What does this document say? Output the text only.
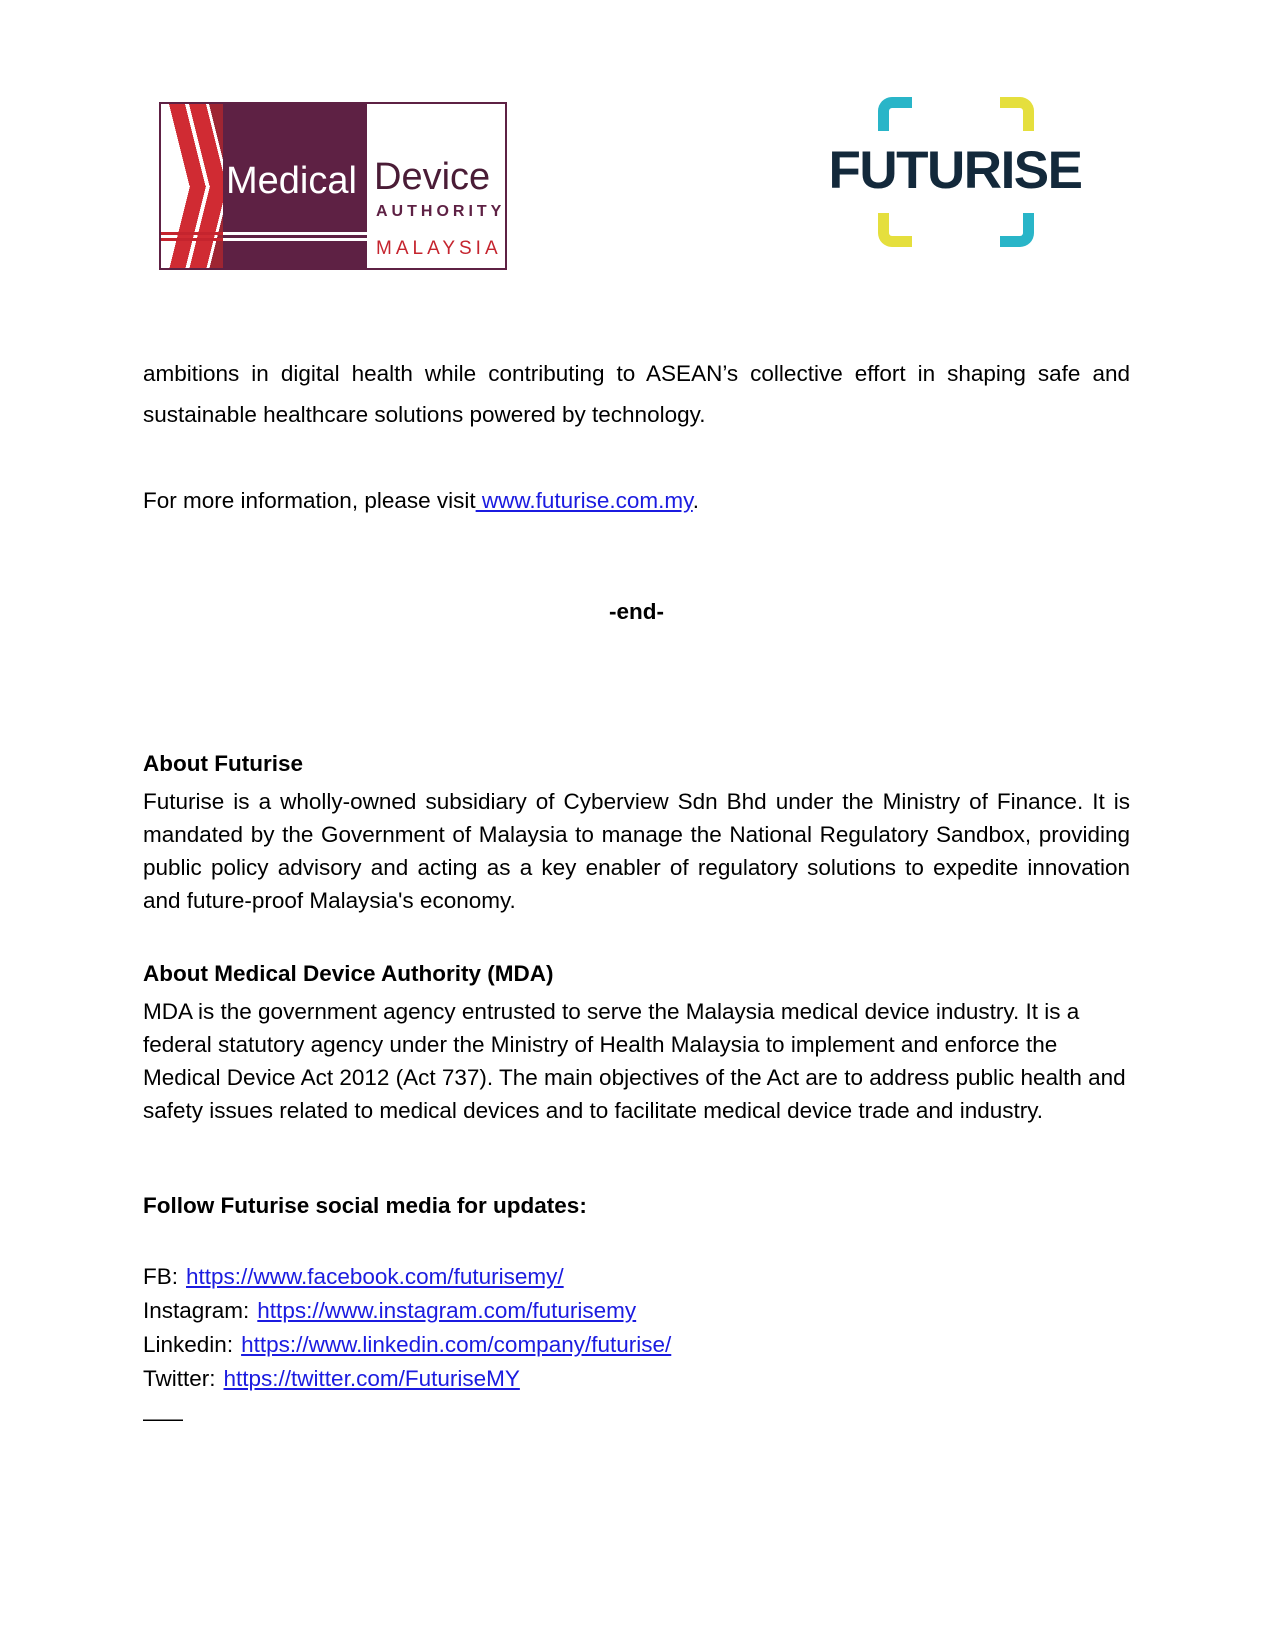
Medical Device
AUTHORITY
MALAYSIA
FUTURISE

ambitions in digital health while contributing to ASEAN’s collective effort in shaping safe and sustainable healthcare solutions powered by technology.

For more information, please visit www.futurise.com.my.

-end-

About Futurise

Futurise is a wholly-owned subsidiary of Cyberview Sdn Bhd under the Ministry of Finance. It is mandated by the Government of Malaysia to manage the National Regulatory Sandbox, providing public policy advisory and acting as a key enabler of regulatory solutions to expedite innovation and future-proof Malaysia's economy.

About Medical Device Authority (MDA)

MDA is the government agency entrusted to serve the Malaysia medical device industry. It is a federal statutory agency under the Ministry of Health Malaysia to implement and enforce the Medical Device Act 2012 (Act 737). The main objectives of the Act are to address public health and safety issues related to medical devices and to facilitate medical device trade and industry.

Follow Futurise social media for updates:

FB: https://www.facebook.com/futurisemy/

Instagram: https://www.instagram.com/futurisemy

Linkedin: https://www.linkedin.com/company/futurise/

Twitter: https://twitter.com/FuturiseMY

——
